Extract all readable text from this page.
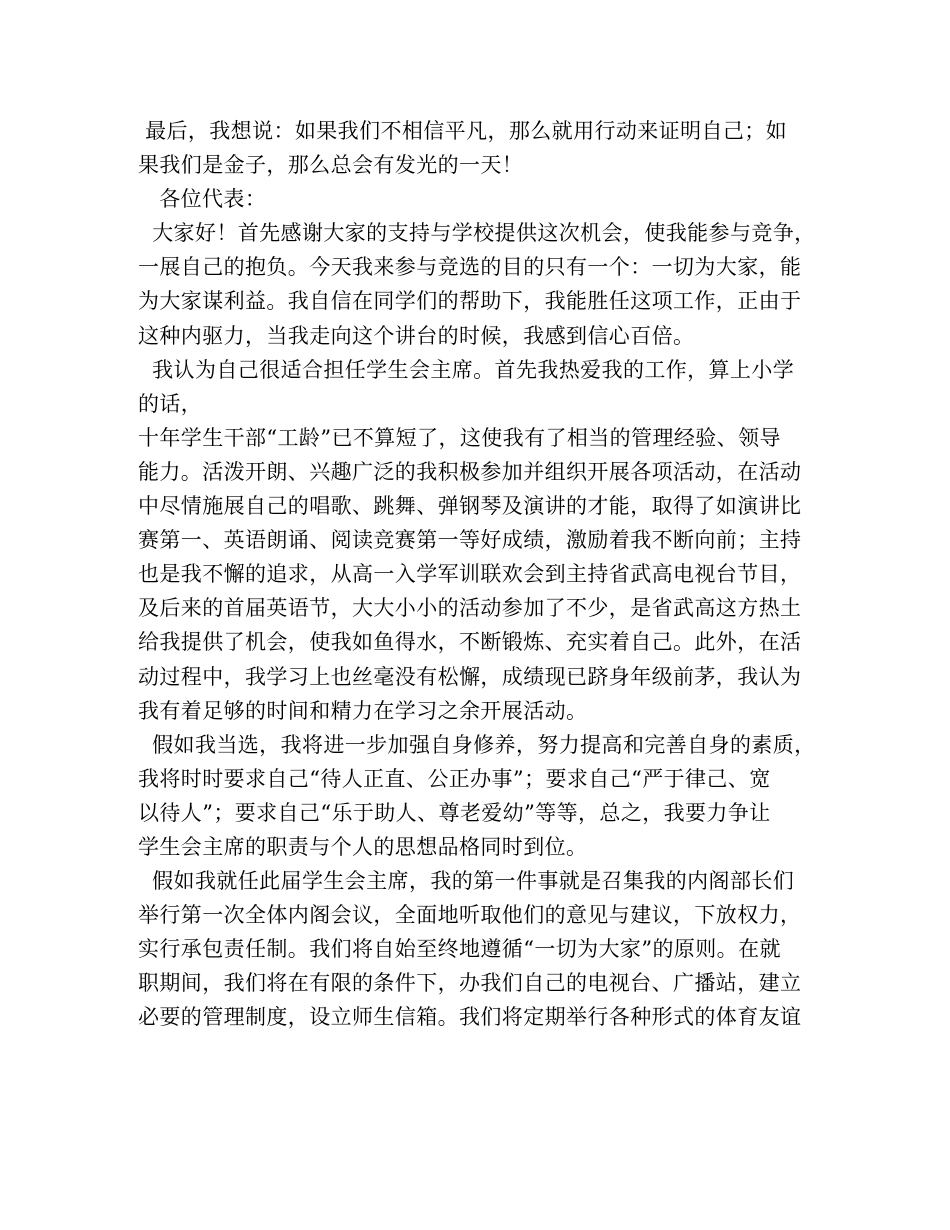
最后，我想说：如果我们不相信平凡，那么就用行动来证明自己；如
果我们是金子，那么总会有发光的一天！
各位代表：
大家好！首先感谢大家的支持与学校提供这次机会，使我能参与竞争，
一展自己的抱负。今天我来参与竞选的目的只有一个：一切为大家，能
为大家谋利益。我自信在同学们的帮助下，我能胜任这项工作，正由于
这种内驱力，当我走向这个讲台的时候，我感到信心百倍。
我认为自己很适合担任学生会主席。首先我热爱我的工作，算上小学
的话，
十年学生干部“工龄”已不算短了，这使我有了相当的管理经验、领导
能力。活泼开朗、兴趣广泛的我积极参加并组织开展各项活动，在活动
中尽情施展自己的唱歌、跳舞、弹钢琴及演讲的才能，取得了如演讲比
赛第一、英语朗诵、阅读竞赛第一等好成绩，激励着我不断向前；主持
也是我不懈的追求，从高一入学军训联欢会到主持省武高电视台节目，
及后来的首届英语节，大大小小的活动参加了不少，是省武高这方热土
给我提供了机会，使我如鱼得水，不断锻炼、充实着自己。此外，在活
动过程中，我学习上也丝毫没有松懈，成绩现已跻身年级前茅，我认为
我有着足够的时间和精力在学习之余开展活动。
假如我当选，我将进一步加强自身修养，努力提高和完善自身的素质，
我将时时要求自己“待人正直、公正办事”；要求自己“严于律己、宽
以待人”；要求自己“乐于助人、尊老爱幼”等等，总之，我要力争让
学生会主席的职责与个人的思想品格同时到位。
假如我就任此届学生会主席，我的第一件事就是召集我的内阁部长们
举行第一次全体内阁会议，全面地听取他们的意见与建议，下放权力，
实行承包责任制。我们将自始至终地遵循“一切为大家”的原则。在就
职期间，我们将在有限的条件下，办我们自己的电视台、广播站，建立
必要的管理制度，设立师生信箱。我们将定期举行各种形式的体育友谊
